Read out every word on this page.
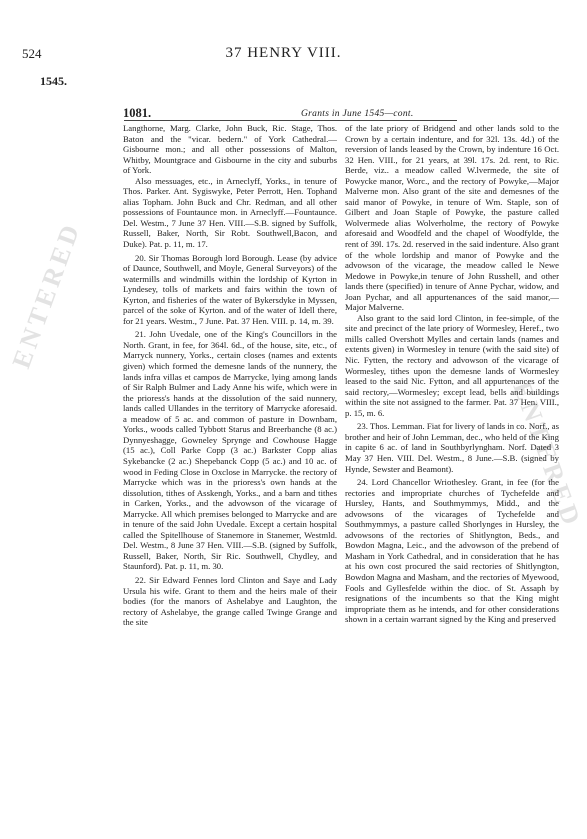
ENTERED
ENTERED
524	37 HENRY VIII.
1545.
1081.	Grants in June 1545—cont.

Langthorne, Marg. Clarke, John Buck, Ric. Stage, Thos. Baton and the "vicar. bedern." of York Cathedral.—Gisbourne mon.; and all other possessions of Malton, Whitby, Mountgrace and Gisbourne in the city and suburbs of York.

Also messuages, etc., in Arneclyff, Yorks., in tenure of Thos. Parker. Ant. Sygiswyke, Peter Perrott, Hen. Tophand alias Topham. John Buck and Chr. Redman, and all other possessions of Fountaunce mon. in Arneclyff.—Fountaunce. Del. Westm., 7 June 37 Hen. VIII.—S.B. signed by Suffolk, Russell, Baker, North, Sir Robt. Southwell,Bacon, and Duke). Pat. p. 11, m. 17.

20. Sir Thomas Borough lord Borough. Lease (by advice of Daunce, Southwell, and Moyle, General Surveyors) of the watermills and windmills within the lordship of Kyrton in Lyndesey, tolls of markets and fairs within the town of Kyrton, and fisheries of the water of Bykersdyke in Myssen, parcel of the soke of Kyrton. and of the water of Idell there, for 21 years. Westm., 7 June. Pat. 37 Hen. VIII. p. 14, m. 39.

21. John Uvedale, one of the King's Councillors in the North. Grant, in fee, for 364l. 6d., of the house, site, etc., of Marryck nunnery, Yorks., certain closes (names and extents given) which formed the demesne lands of the nunnery, the lands infra villas et campos de Marrycke, lying among lands of Sir Ralph Bulmer and Lady Anne his wife, which were in the prioress's hands at the dissolution of the said nunnery, lands called Ullandes in the territory of Marrycke aforesaid. a meadow of 5 ac. and common of pasture in Downbam, Yorks., woods called Tybbott Starus and Breerbanche (8 ac.) Dynnyeshagge, Gowneley Sprynge and Cowhouse Hagge (15 ac.), Coll Parke Copp (3 ac.) Barkster Copp alias Sykebancke (2 ac.) Shepebanck Copp (5 ac.) and 10 ac. of wood in Feding Close in Oxclose in Marrycke. the rectory of Marrycke which was in the prioress's own hands at the dissolution, tithes of Asskengh, Yorks., and a barn and tithes in Carken, Yorks., and the advowson of the vicarage of Marrycke. All which premises belonged to Marrycke and are in tenure of the said John Uvedale. Except a certain hospital called the Spitellhouse of Stanemore in Stanemer, Westmld. Del. Westm., 8 June 37 Hen. VIII.—S.B. (signed by Suffolk, Russell, Baker, North, Sir Ric. Southwell, Chydley, and Staunford). Pat. p. 11, m. 30.

22. Sir Edward Fennes lord Clinton and Saye and Lady Ursula his wife. Grant to them and the heirs male of their bodies (for the manors of Ashelabye and Laughton, the rectory of Ashelabye, the grange called Twinge Grange and the site

of the late priory of Bridgend and other lands sold to the Crown by a certain indenture, and for 32l. 13s. 4d.) of the reversion of lands leased by the Crown, by indenture 16 Oct. 32 Hen. VIII., for 21 years, at 39l. 17s. 2d. rent, to Ric. Berde, viz.. a meadow called W.lvermede, the site of Powycke manor, Worc., and the rectory of Powyke,—Major Malverne mon. Also grant of the site and demesnes of the said manor of Powyke, in tenure of Wm. Staple, son of Gilbert and Joan Staple of Powyke, the pasture called Wolvermede alias Wolverholme, the rectory of Powyke aforesaid and Woodfeld and the chapel of Woodfylde, the rent of 39l. 17s. 2d. reserved in the said indenture. Also grant of the whole lordship and manor of Powyke and the advowson of the vicarage, the meadow called le Newe Medowe in Powyke,in tenure of John Russhell, and other lands there (specified) in tenure of Anne Pychar, widow, and Joan Pychar, and all appurtenances of the said manor,—Major Malverne.

Also grant to the said lord Clinton, in fee-simple, of the site and precinct of the late priory of Wormesley, Heref., two mills called Overshott Mylles and certain lands (names and extents given) in Wormesley in tenure (with the said site) of Nic. Fytten, the rectory and advowson of the vicarage of Wormesley, tithes upon the demesne lands of Wormesley leased to the said Nic. Fytton, and all appurtenances of the said rectory,—Wormesley; except lead, bells and buildings within the site not assigned to the farmer. Pat. 37 Hen. VIII., p. 15, m. 6.

23. Thos. Lemman. Fiat for livery of lands in co. Norf., as brother and heir of John Lemman, dec., who held of the King in capite 6 ac. of land in Southbyrlyngham. Norf. Dated 3 May 37 Hen. VIII. Del. Westm., 8 June.—S.B. (signed by Hynde, Sewster and Beamont).

24. Lord Chancellor Wriothesley. Grant, in fee (for the rectories and impropriate churches of Tychefelde and Hursley, Hants, and Southmymmys, Midd., and the advowsons of the vicarages of Tychefelde and Southmymmys, a pasture called Shorlynges in Hursley, the advowsons of the rectories of Shitlyngton, Beds., and Bowdon Magna, Leic., and the advowson of the prebend of Masham in York Cathedral, and in consideration that he has at his own cost procured the said rectories of Shitlyngton, Bowdon Magna and Masham, and the rectories of Myewood, Fools and Gyllesfelde within the dioc. of St. Assaph by resignations of the incumbents so that the King might impropriate them as he intends, and for other considerations shown in a certain warrant signed by the King and preserved
